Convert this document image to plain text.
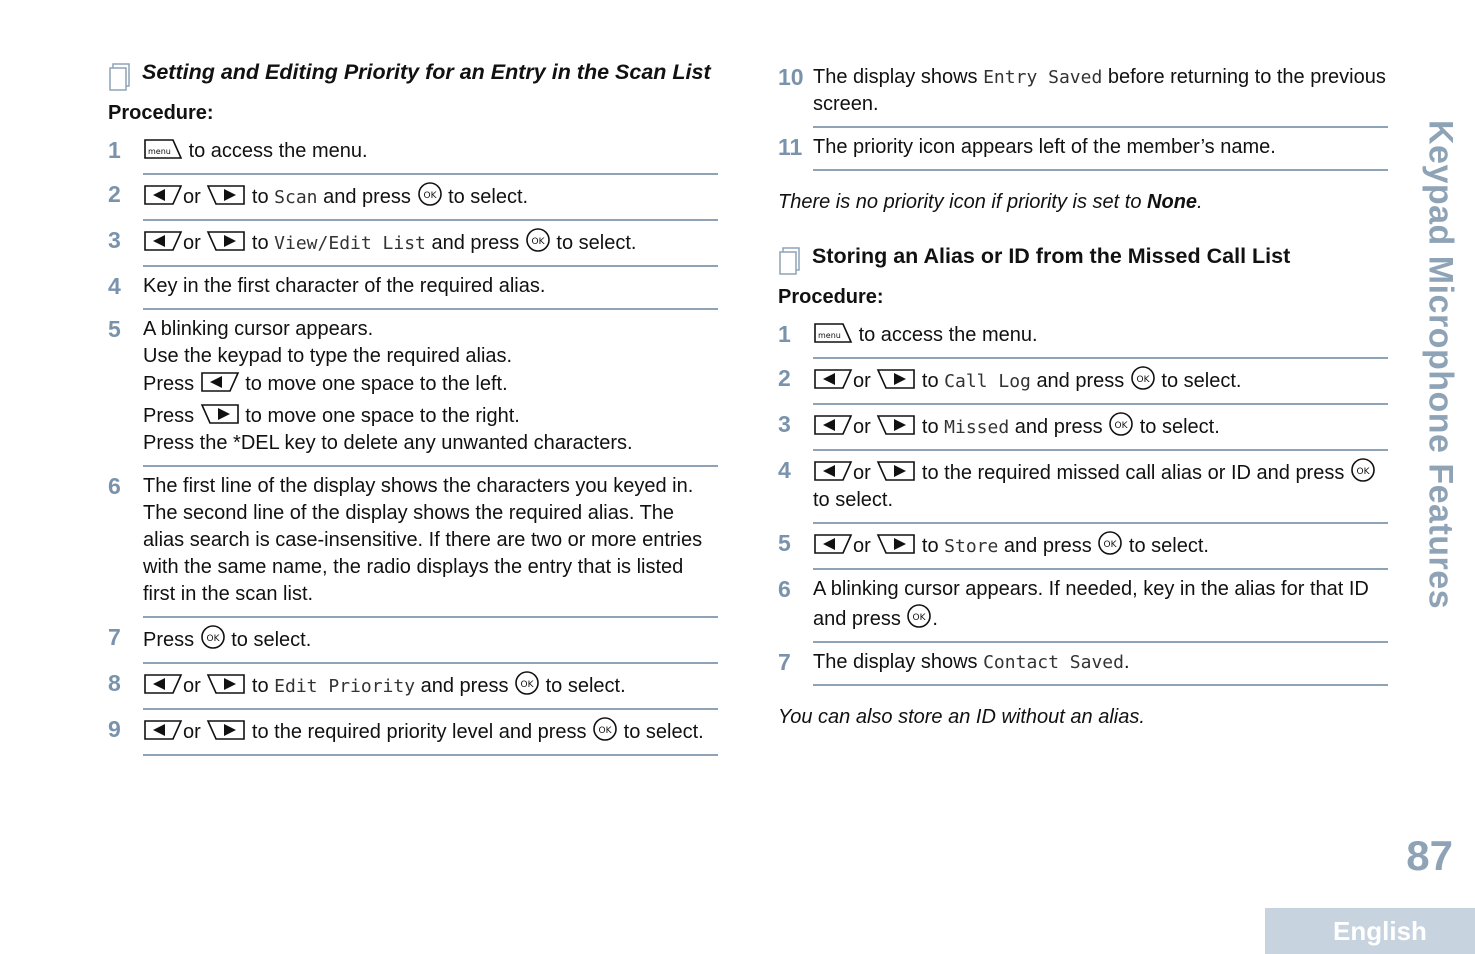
Setting and Editing Priority for an Entry in the Scan List
Procedure:
1	menu to access the menu.
2	or	to Scan and press OK to select.
3	or	to View/Edit List and press OK to select.
4	Key in the first character of the required alias.
5	A blinking cursor appears.
Use the keypad to type the required alias.
Press	to move one space to the left.
Press	to move one space to the right.
Press the *DEL key to delete any unwanted characters.
6	The first line of the display shows the characters you keyed in. The second line of the display shows the required alias. The alias search is case-insensitive. If there are two or more entries with the same name, the radio displays the entry that is listed first in the scan list.
7	Press OK to select.
8	or	to Edit Priority and press OK to select.
9	or	to the required priority level and press OK to select.
10 The display shows Entry Saved before returning to the previous screen.
11 The priority icon appears left of the member’s name.
There is no priority icon if priority is set to None.
Storing an Alias or ID from the Missed Call List
Procedure:
1	menu to access the menu.
2	or	to Call Log and press OK to select.
3	or	to Missed and press OK to select.
4	or	to the required missed call alias or ID and press OK
to select.
5	or	to Store and press OK to select.
6	A blinking cursor appears. If needed, key in the alias for that ID and press OK .
7	The display shows Contact Saved.
You can also store an ID without an alias.
Keypad Microphone Features
87
English
